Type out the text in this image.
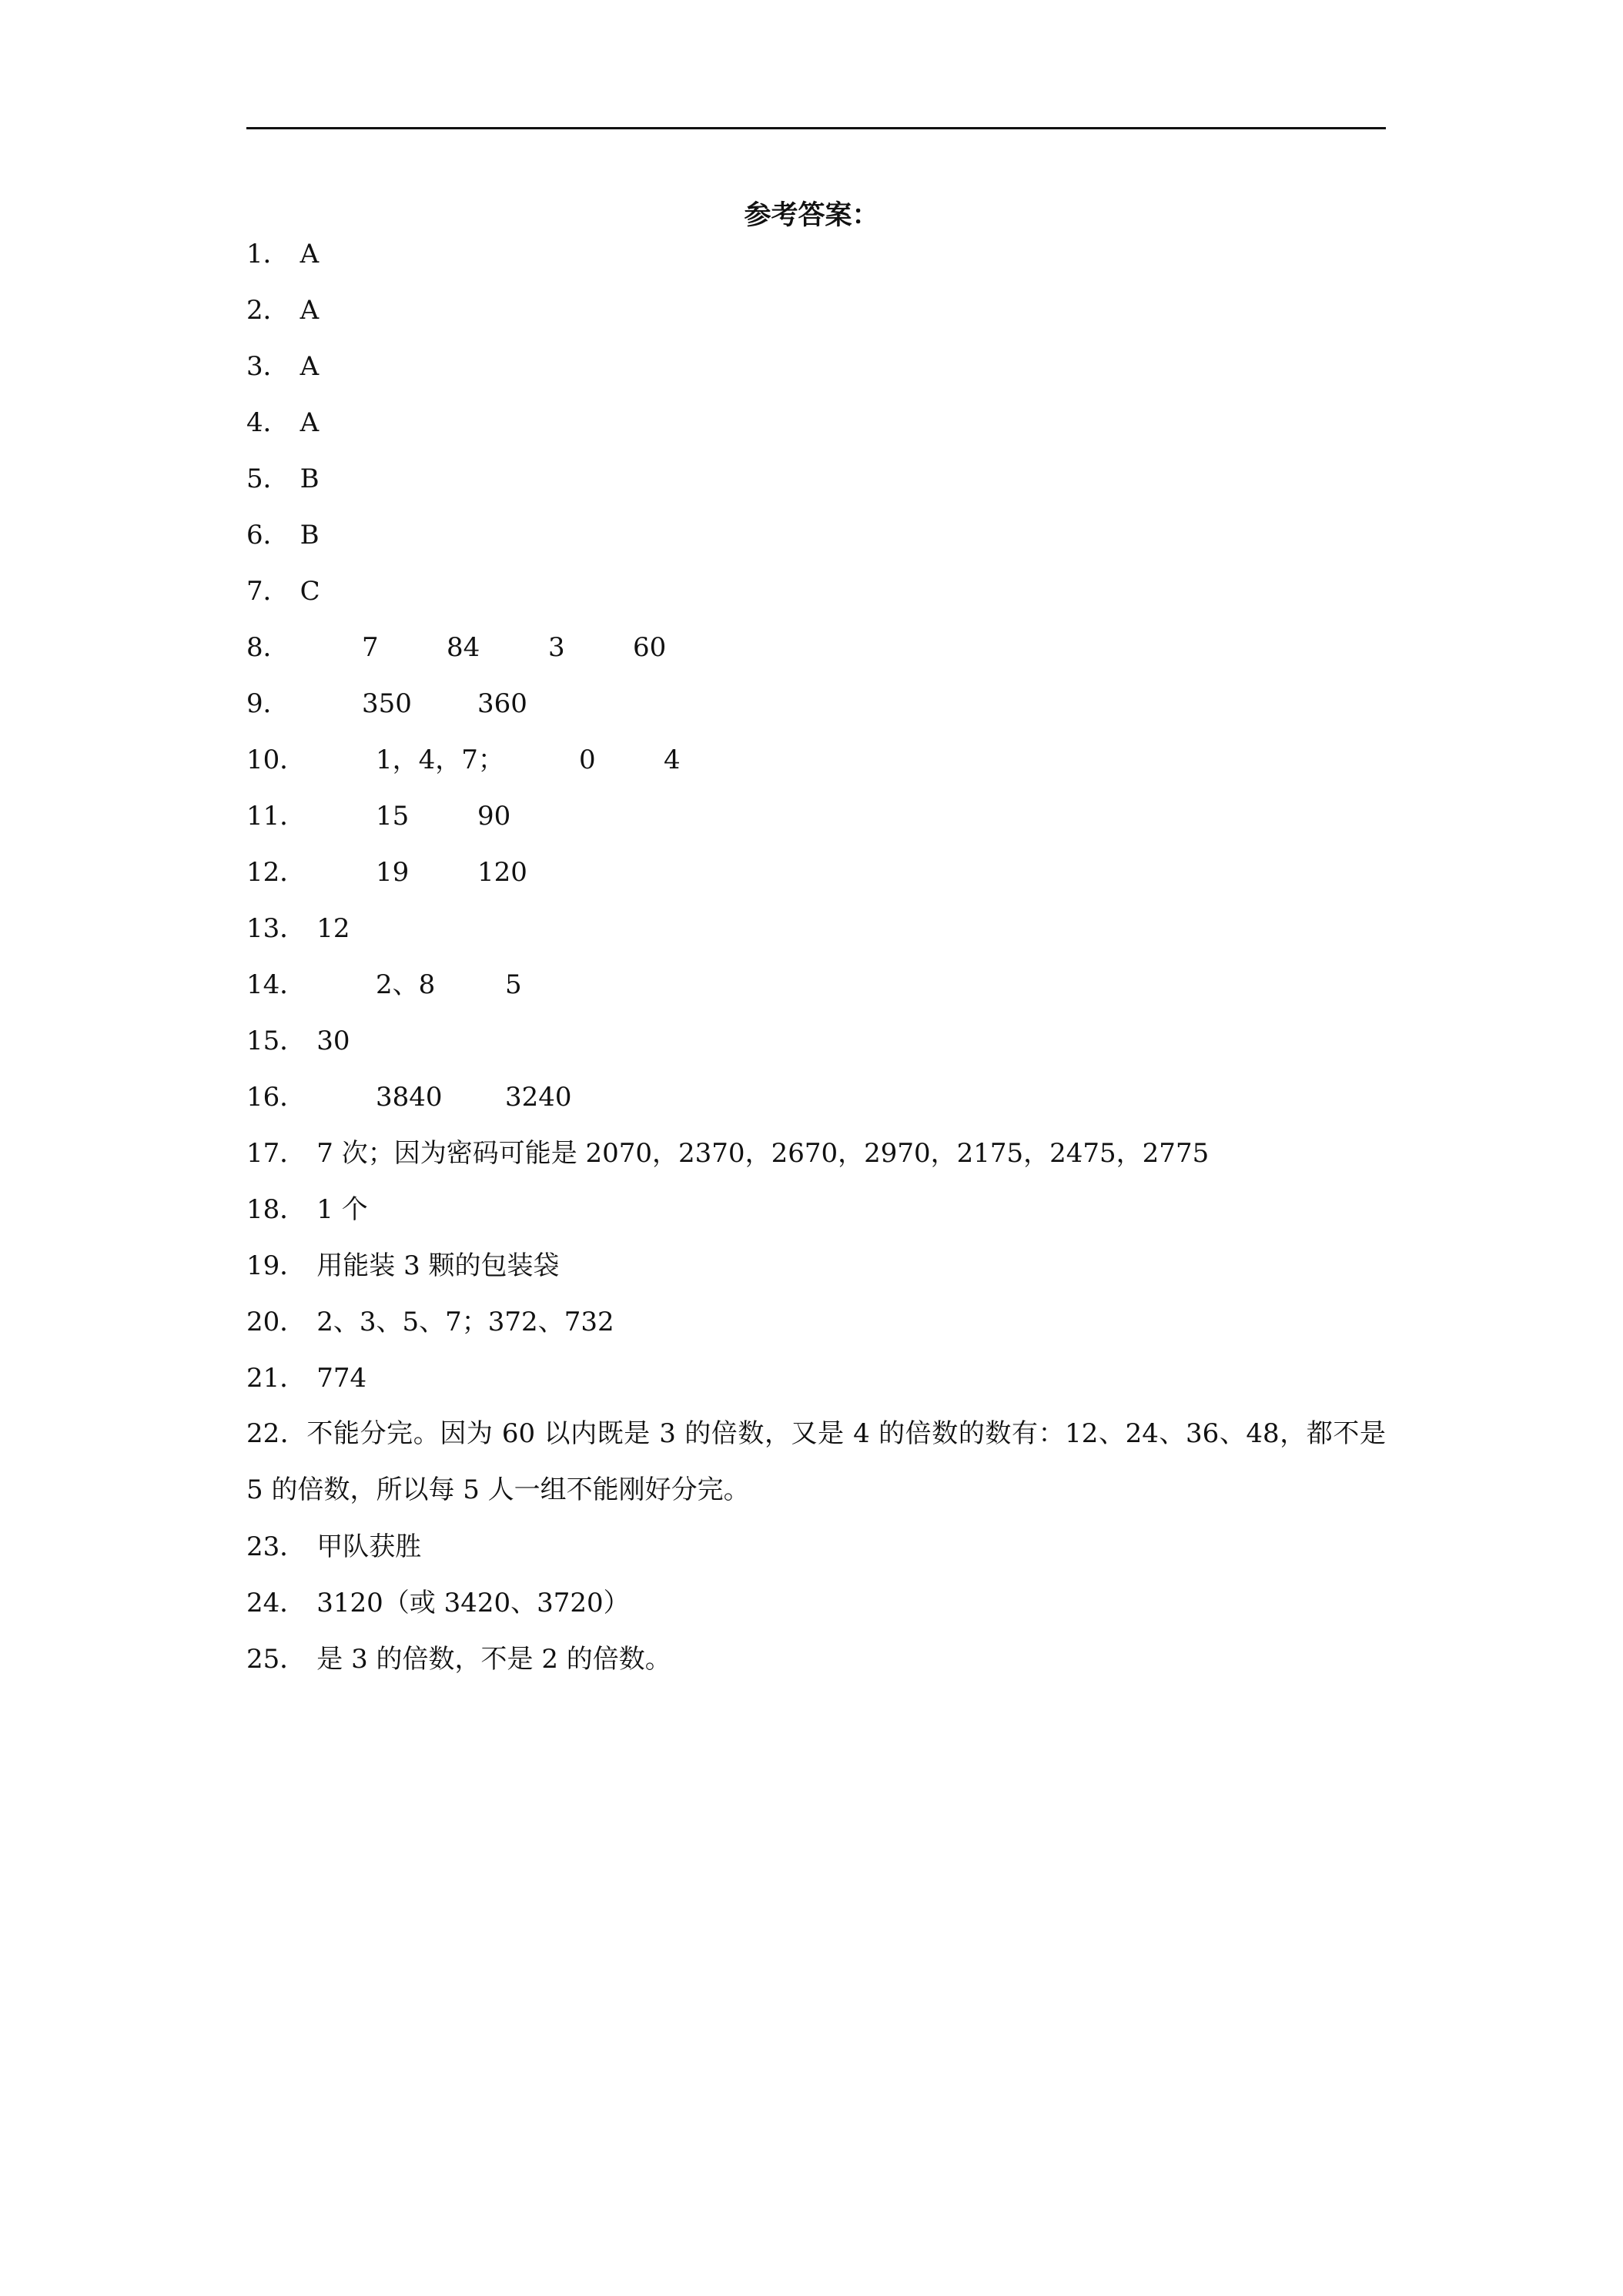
参考答案：
1． A
2． A
3． A
4． A
5． B
6． B
7． C
8．	7	84	3	60
9．	350	360
10．	1，4，7；	0	4
11．	15	90
12．	19	120
13． 12
14．	2、8	5
15． 30
16．	3840 3240
17． 7 次；因为密码可能是 2070，2370，2670，2970，2175，2475，2775
18． 1 个
19． 用能装 3 颗的包装袋
20． 2、3、5、7；372、732
21． 774
22．不能分完。因为 60 以内既是 3 的倍数，又是 4 的倍数的数有：12、24、36、48，都不是 5 的倍数，所以每 5 人一组不能刚好分完。
23． 甲队获胜
24． 3120（或 3420、3720）
25． 是 3 的倍数，不是 2 的倍数。
